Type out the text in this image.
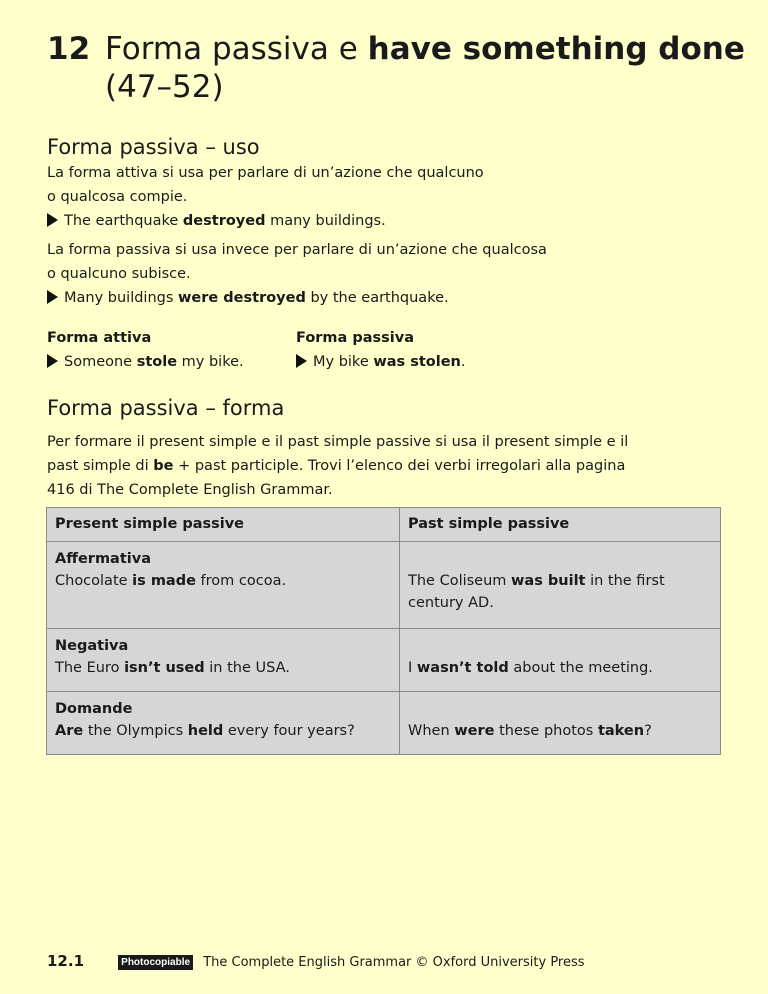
12 Forma passiva e have something done
(47–52)
Forma passiva – uso

La forma attiva si usa per parlare di un’azione che qualcuno
o qualcosa compie.
The earthquake destroyed many buildings.

La forma passiva si usa invece per parlare di un’azione che qualcosa
o qualcuno subisce.
Many buildings were destroyed by the earthquake.

Forma attiva
Someone stole my bike.
Forma passiva
My bike was stolen.
Forma passiva – forma

Per formare il present simple e il past simple passive si usa il present simple e il
past simple di be + past participle. Trovi l’elenco dei verbi irregolari alla pagina
416 di The Complete English Grammar.

Present simple passive	Past simple passive

Affermativa
Chocolate is made from cocoa.	The Coliseum was built in the first century AD.

Negativa
The Euro isn’t used in the USA.	I wasn’t told about the meeting.

Domande
Are the Olympics held every four years?	When were these photos taken?
12.1	Photocopiable The Complete English Grammar © Oxford University Press
